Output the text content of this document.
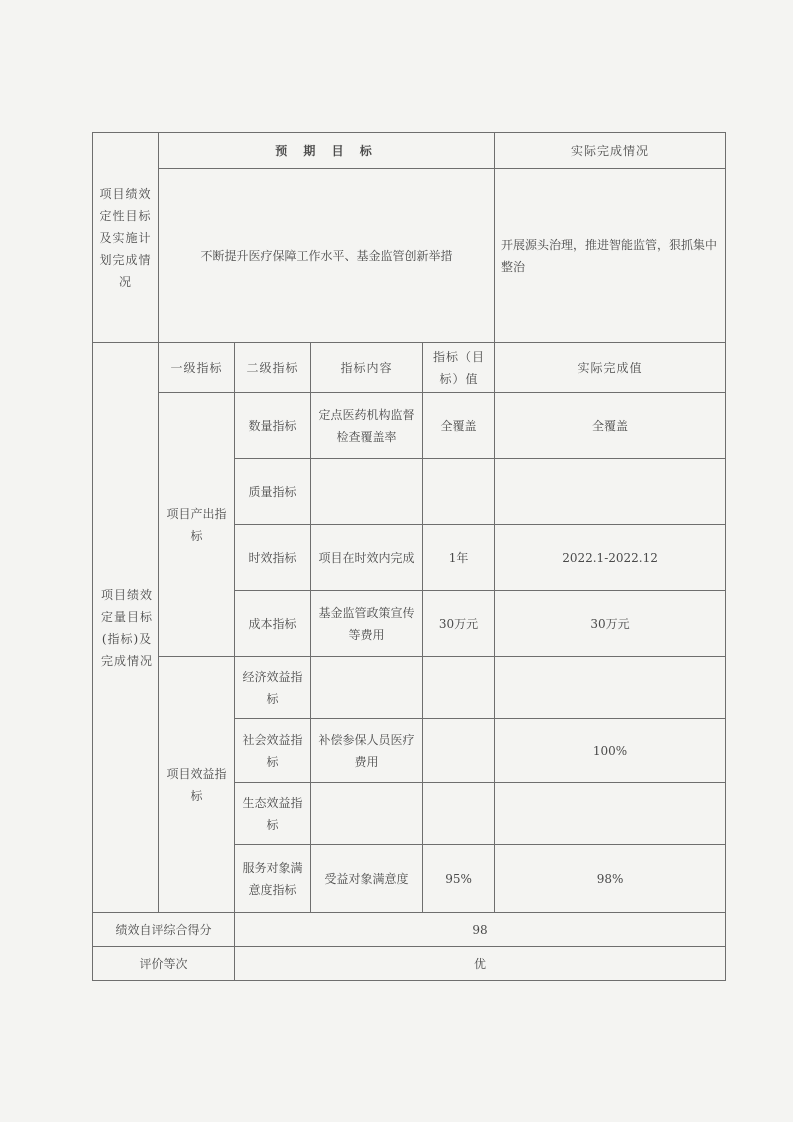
项目绩效定性目标及实施计划完成情况	预 期 目 标				实际完成情况
	不断提升医疗保障工作水平、基金监管创新举措				开展源头治理，推进智能监管，狠抓集中整治
项目绩效定量目标(指标)及完成情况	一级指标	二级指标	指标内容	指标（目标）值	实际完成值
	项目产出指标	数量指标	定点医药机构监督检查覆盖率	全覆盖	全覆盖
		质量指标			
		时效指标	项目在时效内完成	1年	2022.1-2022.12
		成本指标	基金监管政策宣传等费用	30万元	30万元
	项目效益指标	经济效益指标			
		社会效益指标	补偿参保人员医疗费用		100%
		生态效益指标			
		服务对象满意度指标	受益对象满意度	95%	98%
绩效自评综合得分		98			
评价等次		优			
